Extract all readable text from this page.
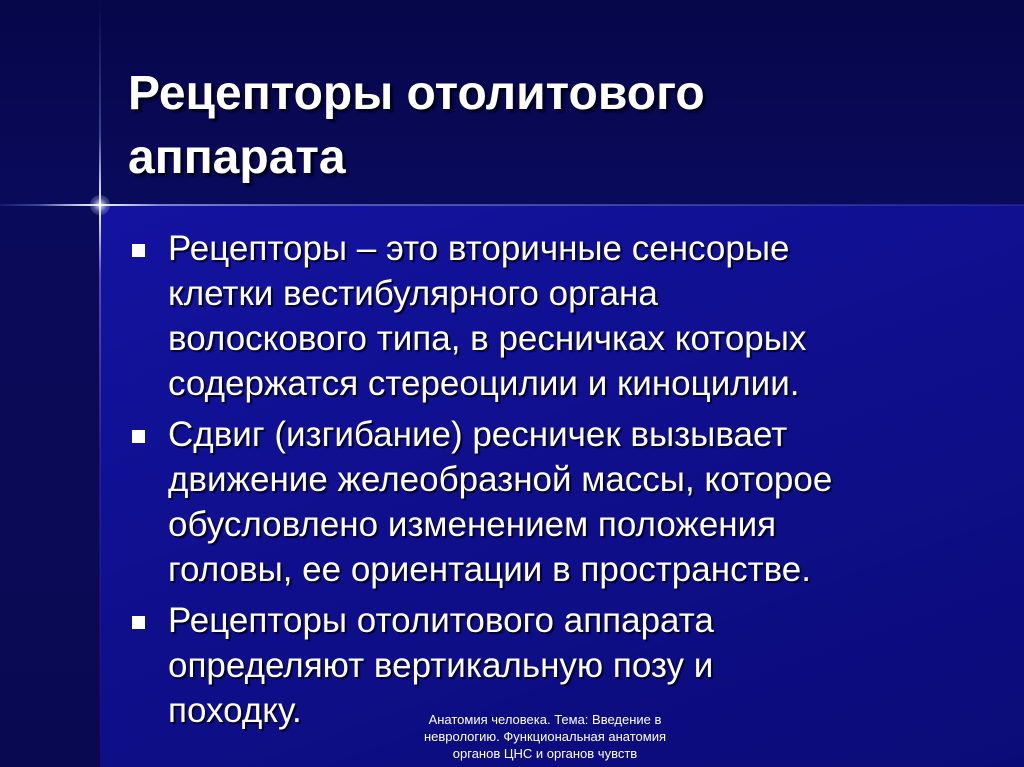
Рецепторы отолитового
аппарата
Рецепторы – это вторичные сенсорые
клетки вестибулярного органа
волоскового типа, в ресничках которых
содержатся стереоцилии и киноцилии.
Сдвиг (изгибание) ресничек вызывает
движение желеобразной массы, которое
обусловлено изменением положения
головы, ее ориентации в пространстве.
Рецепторы отолитового аппарата
определяют вертикальную позу и
походку.	Анатомия человека. Тема: Введение в
неврологию. Функциональная анатомия
органов ЦНС и органов чувств
